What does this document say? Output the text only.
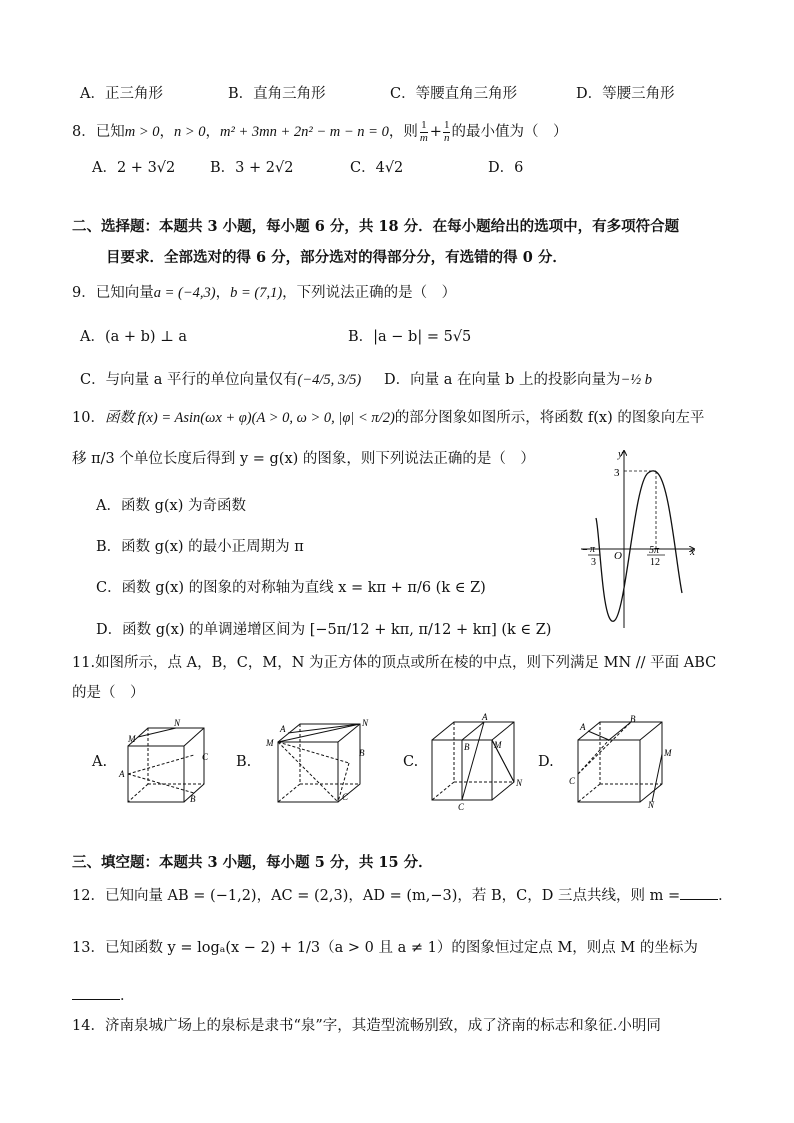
A．正三角形	B．直角三角形	C．等腰直角三角形	D．等腰三角形
8．已知m > 0，n > 0，m² + 3mn + 2n² − m − n = 0，则 $\frac{1}{m} + \frac{1}{n}$ 的最小值为（　）
A．2 + 3√2 B．3 + 2√2	C．4√2	D．6
二、选择题：本题共 3 小题，每小题 6 分，共 18 分．在每小题给出的选项中，有多项符合题
目要求．全部选对的得 6 分，部分选对的得部分分，有选错的得 0 分．
9．已知向量a = (−4,3)，b = (7,1)，下列说法正确的是（　）
A．(a + b) ⊥ a	B．|a − b| = 5√5
C．与向量 a 平行的单位向量仅有(−4/5, 3/5) D．向量 a 在向量 b 上的投影向量为−½ b
10．函数 f(x) = Asin(ωx + φ)(A > 0, ω > 0, |φ| < π/2)的部分图象如图所示，将函数 f(x) 的图象向左平
移 π/3 个单位长度后得到 y = g(x) 的图象，则下列说法正确的是（　）
A．函数 g(x) 为奇函数
B．函数 g(x) 的最小正周期为 π
C．函数 g(x) 的图象的对称轴为直线 x = kπ + π/6 (k ∈ Z)
D．函数 g(x) 的单调递增区间为 [−5π/12 + kπ, π/12 + kπ] (k ∈ Z)
x
y
O
3
− π
3
5π
12
11.如图所示，点 A，B，C，M，N 为正方体的顶点或所在棱的中点，则下列满足 MN // 平面 ABC
的是（　）
A.	B.	C.	D.
M
N
A
C
B
A
M
N
B
C
A
B	M
N
C
A
B
M
C
N
三、填空题：本题共 3 小题，每小题 5 分，共 15 分．
12．已知向量 AB = (−1,2)，AC = (2,3)，AD = (m,−3)，若 B，C，D 三点共线，则 m =	．
13．已知函数 y = logₐ(x − 2) + 1/3（a > 0 且 a ≠ 1）的图象恒过定点 M，则点 M 的坐标为
．
14．济南泉城广场上的泉标是隶书“泉”字，其造型流畅别致，成了济南的标志和象征.小明同
